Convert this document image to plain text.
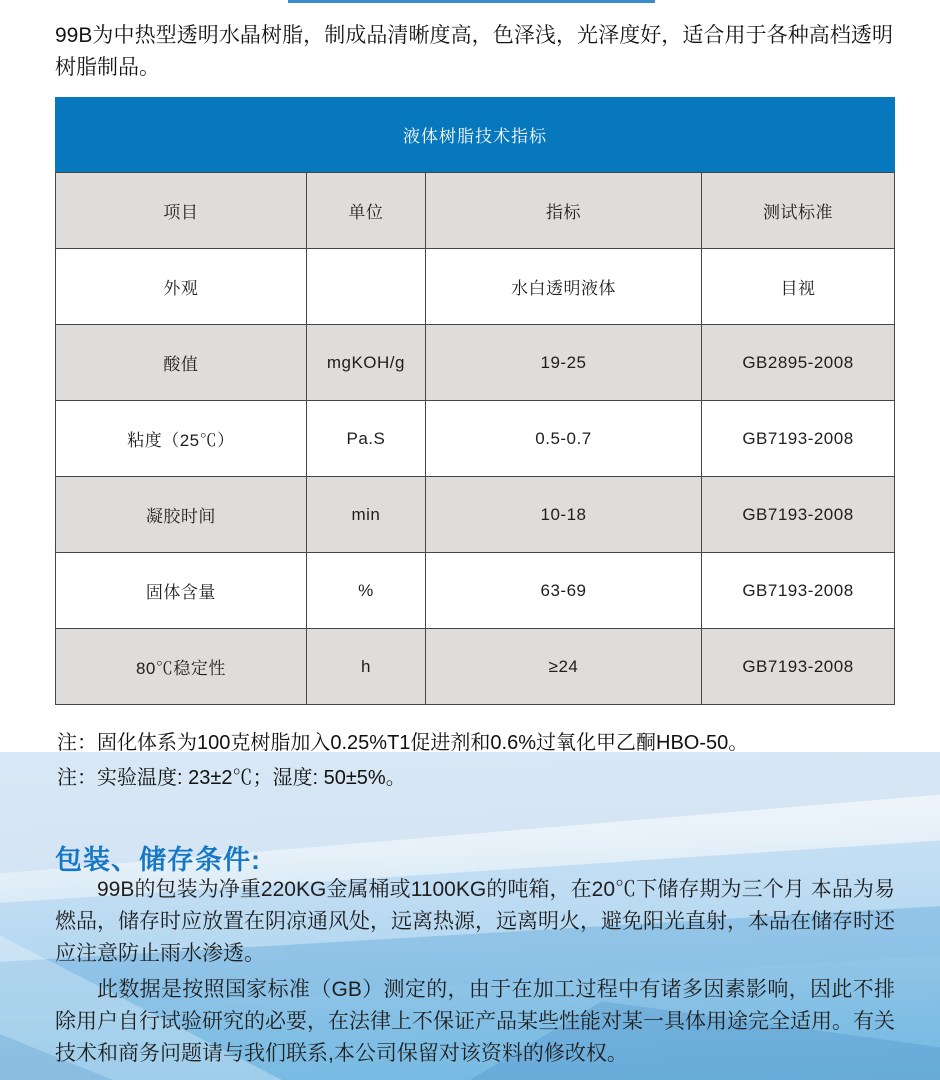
99B为中热型透明水晶树脂，制成品清晰度高，色泽浅，光泽度好，适合用于各种高档透明树脂制品。

液体树脂技术指标
项目	单位	指标	测试标准
外观		水白透明液体	目视
酸值	mgKOH/g	19-25	GB2895-2008
粘度（25℃）	Pa.S	0.5-0.7	GB7193-2008
凝胶时间	min	10-18	GB7193-2008
固体含量	%	63-69	GB7193-2008
80℃稳定性	h	≥24	GB7193-2008

注：固化体系为100克树脂加入0.25%T1促进剂和0.6%过氧化甲乙酮HBO-50。

注：实验温度: 23±2℃；湿度: 50±5%。

包装、储存条件:

99B的包装为净重220KG金属桶或1100KG的吨箱，在20℃下储存期为三个月 本品为易燃品，储存时应放置在阴凉通风处，远离热源，远离明火，避免阳光直射，本品在储存时还应注意防止雨水渗透。

此数据是按照国家标准（GB）测定的，由于在加工过程中有诸多因素影响，因此不排除用户自行试验研究的必要，在法律上不保证产品某些性能对某一具体用途完全适用。有关技术和商务问题请与我们联系,本公司保留对该资料的修改权。
